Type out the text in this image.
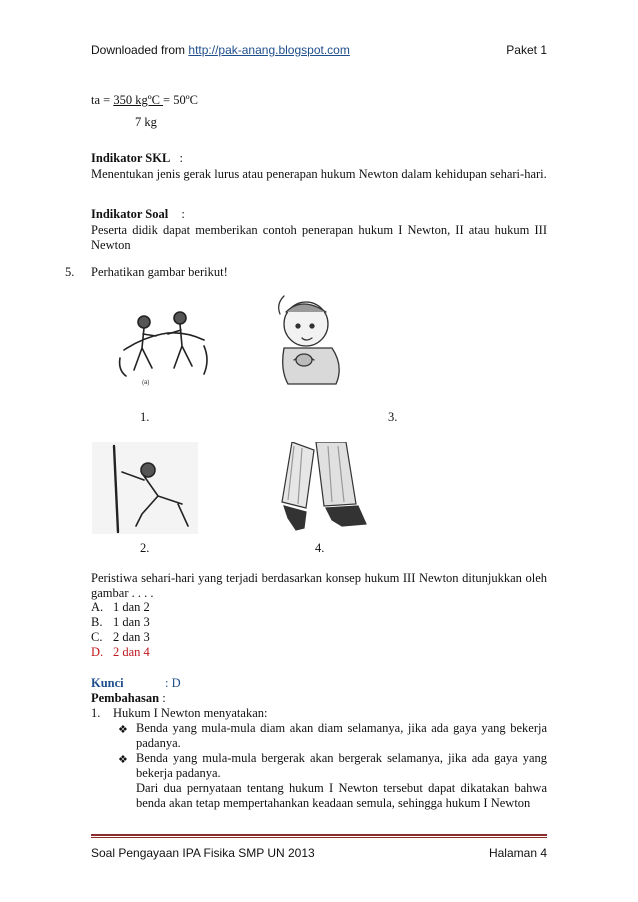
Downloaded from http://pak-anang.blogspot.com	Paket 1
ta = 350 kgºC = 50ºC
7 kg
Indikator SKL :
Menentukan jenis gerak lurus atau penerapan hukum Newton dalam kehidupan sehari-hari.
Indikator Soal :
Peserta didik dapat memberikan contoh penerapan hukum I Newton, II atau hukum III Newton
5. Perhatikan gambar berikut!
(a)
1.	3.
2.	4.
Peristiwa sehari-hari yang terjadi berdasarkan konsep hukum III Newton ditunjukkan oleh gambar . . . .
A. 1 dan 2
B. 1 dan 3
C. 2 dan 3
D. 2 dan 4
Kunci	: D
Pembahasan :
1. Hukum I Newton menyatakan:
❖ Benda yang mula-mula diam akan diam selamanya, jika ada gaya yang bekerja padanya.
❖ Benda yang mula-mula bergerak akan bergerak selamanya, jika ada gaya yang bekerja padanya.
Dari dua pernyataan tentang hukum I Newton tersebut dapat dikatakan bahwa benda akan tetap mempertahankan keadaan semula, sehingga hukum I Newton
Soal Pengayaan IPA Fisika SMP UN 2013	Halaman 4
